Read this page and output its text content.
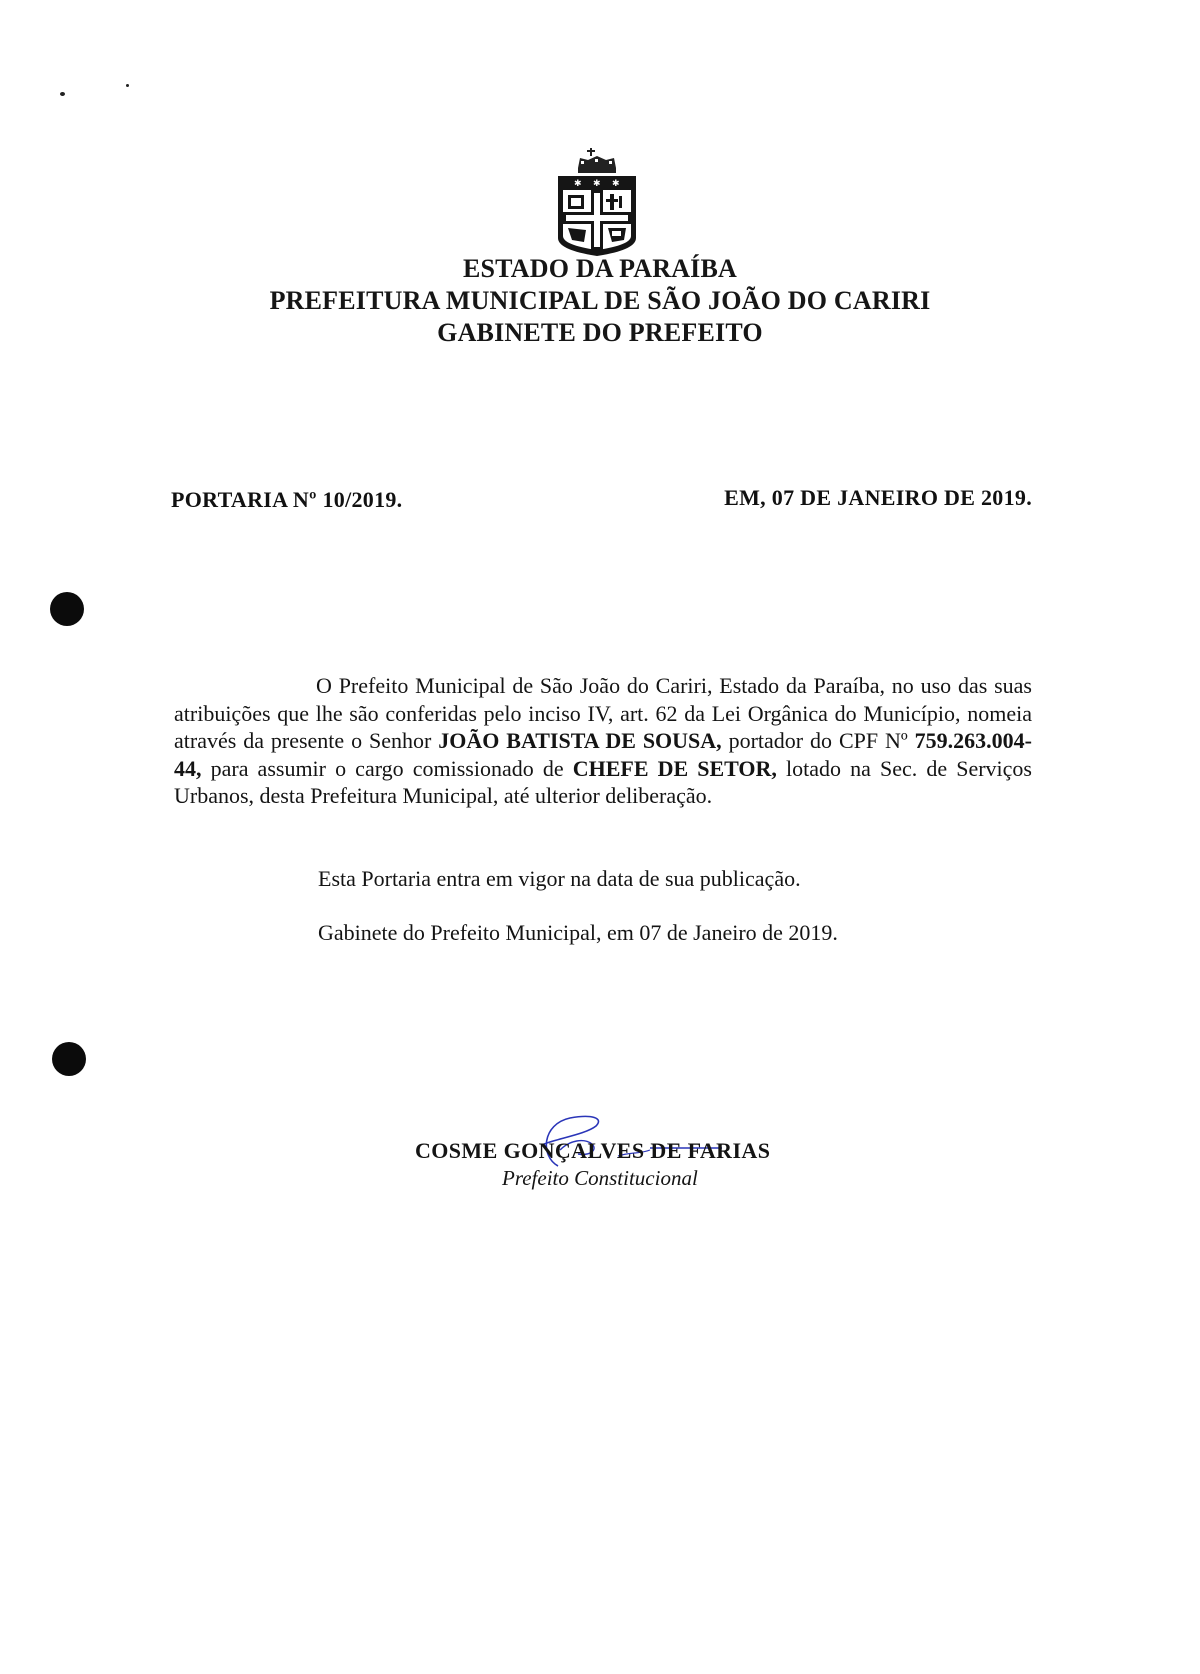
✱ ✱ ✱
ESTADO DA PARAÍBA
PREFEITURA MUNICIPAL DE SÃO JOÃO DO CARIRI
GABINETE DO PREFEITO
PORTARIA Nº 10/2019.	EM, 07 DE JANEIRO DE 2019.
O Prefeito Municipal de São João do Cariri, Estado da Paraíba, no uso das suas atribuições que lhe são conferidas pelo inciso IV, art. 62 da Lei Orgânica do Município, nomeia através da presente o Senhor JOÃO BATISTA DE SOUSA, portador do CPF Nº 759.263.004-44, para assumir o cargo comissionado de CHEFE DE SETOR, lotado na Sec. de Serviços Urbanos, desta Prefeitura Municipal, até ulterior deliberação.
Esta Portaria entra em vigor na data de sua publicação.
Gabinete do Prefeito Municipal, em 07 de Janeiro de 2019.
COSME GONÇALVES DE FARIAS
Prefeito Constitucional
